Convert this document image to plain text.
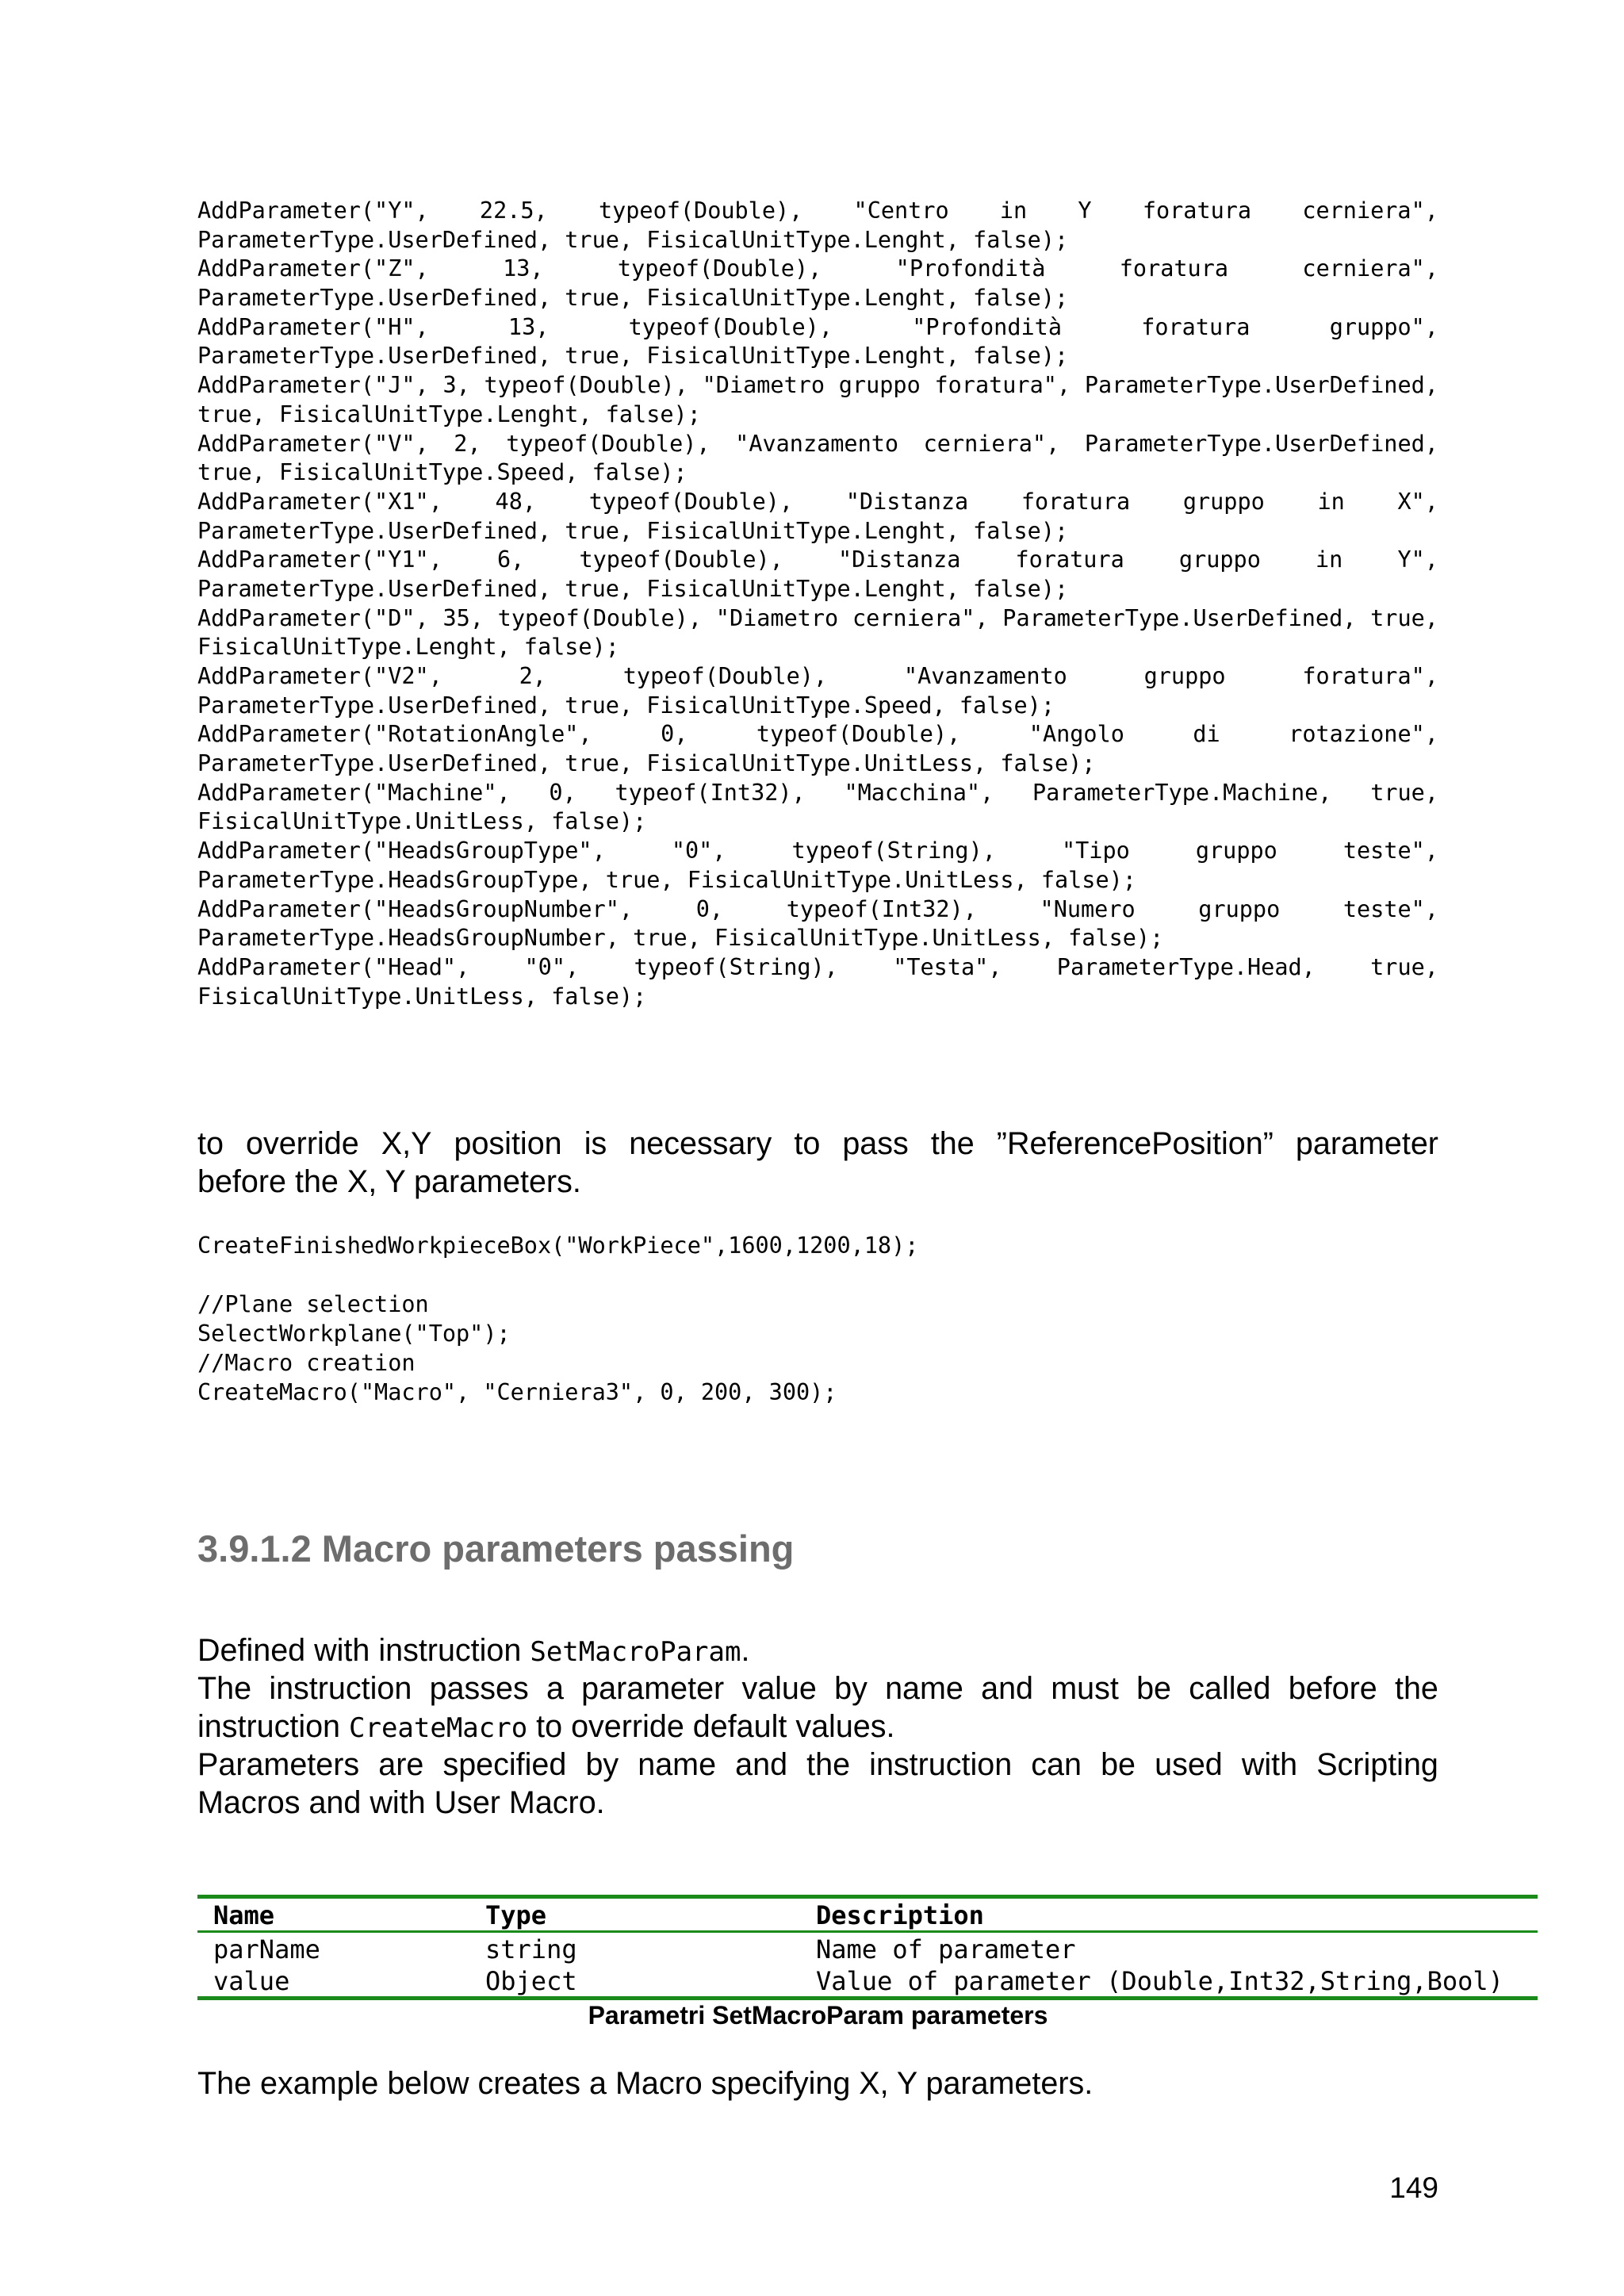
AddParameter("Y", 22.5, typeof(Double), "Centro in Y foratura cerniera",
ParameterType.UserDefined, true, FisicalUnitType.Lenght, false);
AddParameter("Z",	13,	typeof(Double),	"Profondità	foratura	cerniera",
ParameterType.UserDefined, true, FisicalUnitType.Lenght, false);
AddParameter("H",	13,	typeof(Double),	"Profondità	foratura	gruppo",
ParameterType.UserDefined, true, FisicalUnitType.Lenght, false);
AddParameter("J", 3, typeof(Double), "Diametro gruppo foratura", ParameterType.UserDefined,
true, FisicalUnitType.Lenght, false);
AddParameter("V", 2, typeof(Double), "Avanzamento cerniera", ParameterType.UserDefined,
true, FisicalUnitType.Speed, false);
AddParameter("X1", 48, typeof(Double), "Distanza foratura gruppo in X",
ParameterType.UserDefined, true, FisicalUnitType.Lenght, false);
AddParameter("Y1", 6, typeof(Double), "Distanza foratura gruppo in Y",
ParameterType.UserDefined, true, FisicalUnitType.Lenght, false);
AddParameter("D", 35, typeof(Double), "Diametro cerniera", ParameterType.UserDefined, true,
FisicalUnitType.Lenght, false);
AddParameter("V2",	2,	typeof(Double),	"Avanzamento	gruppo	foratura",
ParameterType.UserDefined, true, FisicalUnitType.Speed, false);
AddParameter("RotationAngle",	0,	typeof(Double),	"Angolo	di	rotazione",
ParameterType.UserDefined, true, FisicalUnitType.UnitLess, false);
AddParameter("Machine", 0, typeof(Int32), "Macchina", ParameterType.Machine, true,
FisicalUnitType.UnitLess, false);
AddParameter("HeadsGroupType",	"0",	typeof(String),	"Tipo	gruppo	teste",
ParameterType.HeadsGroupType, true, FisicalUnitType.UnitLess, false);
AddParameter("HeadsGroupNumber",	0,	typeof(Int32),	"Numero	gruppo	teste",
ParameterType.HeadsGroupNumber, true, FisicalUnitType.UnitLess, false);
AddParameter("Head", "0", typeof(String), "Testa", ParameterType.Head, true,
FisicalUnitType.UnitLess, false);
to override X,Y position is necessary to pass the ”ReferencePosition” parameter
before the X, Y parameters.
CreateFinishedWorkpieceBox("WorkPiece",1600,1200,18);
//Plane selection
SelectWorkplane("Top");
//Macro creation
CreateMacro("Macro", "Cerniera3", 0, 200, 300);
3.9.1.2 Macro parameters passing
Defined with instruction SetMacroParam.
The instruction passes a parameter value by name and must be called before the
instruction CreateMacro to override default values.
Parameters are specified by name and the instruction can be used with Scripting
Macros and with User Macro.
Name	Type	Description
parName	string	Name of parameter
value	Object	Value of parameter (Double,Int32,String,Bool)
Parametri SetMacroParam parameters
The example below creates a Macro specifying X, Y parameters.
149
